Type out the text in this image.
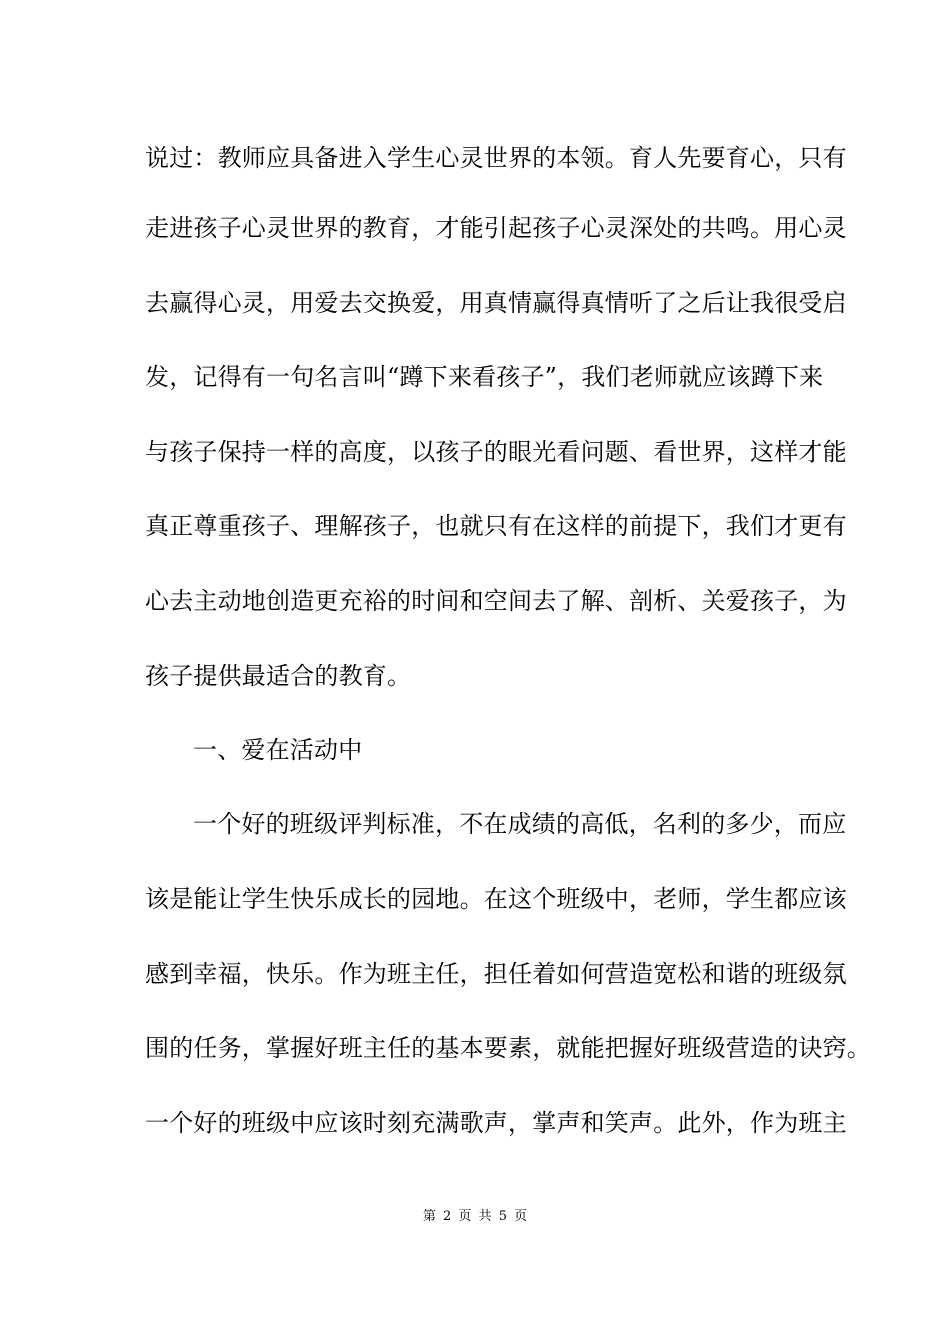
说过：教师应具备进入学生心灵世界的本领。育人先要育心，只有
走进孩子心灵世界的教育，才能引起孩子心灵深处的共鸣。用心灵
去赢得心灵，用爱去交换爱，用真情赢得真情听了之后让我很受启
发，记得有一句名言叫“蹲下来看孩子”，我们老师就应该蹲下来
与孩子保持一样的高度，以孩子的眼光看问题、看世界，这样才能
真正尊重孩子、理解孩子，也就只有在这样的前提下，我们才更有
心去主动地创造更充裕的时间和空间去了解、剖析、关爱孩子，为
孩子提供最适合的教育。
一、爱在活动中
一个好的班级评判标准，不在成绩的高低，名利的多少，而应
该是能让学生快乐成长的园地。在这个班级中，老师，学生都应该
感到幸福，快乐。作为班主任，担任着如何营造宽松和谐的班级氛
围的任务，掌握好班主任的基本要素，就能把握好班级营造的诀窍。
一个好的班级中应该时刻充满歌声，掌声和笑声。此外，作为班主
第 2 页 共 5 页
